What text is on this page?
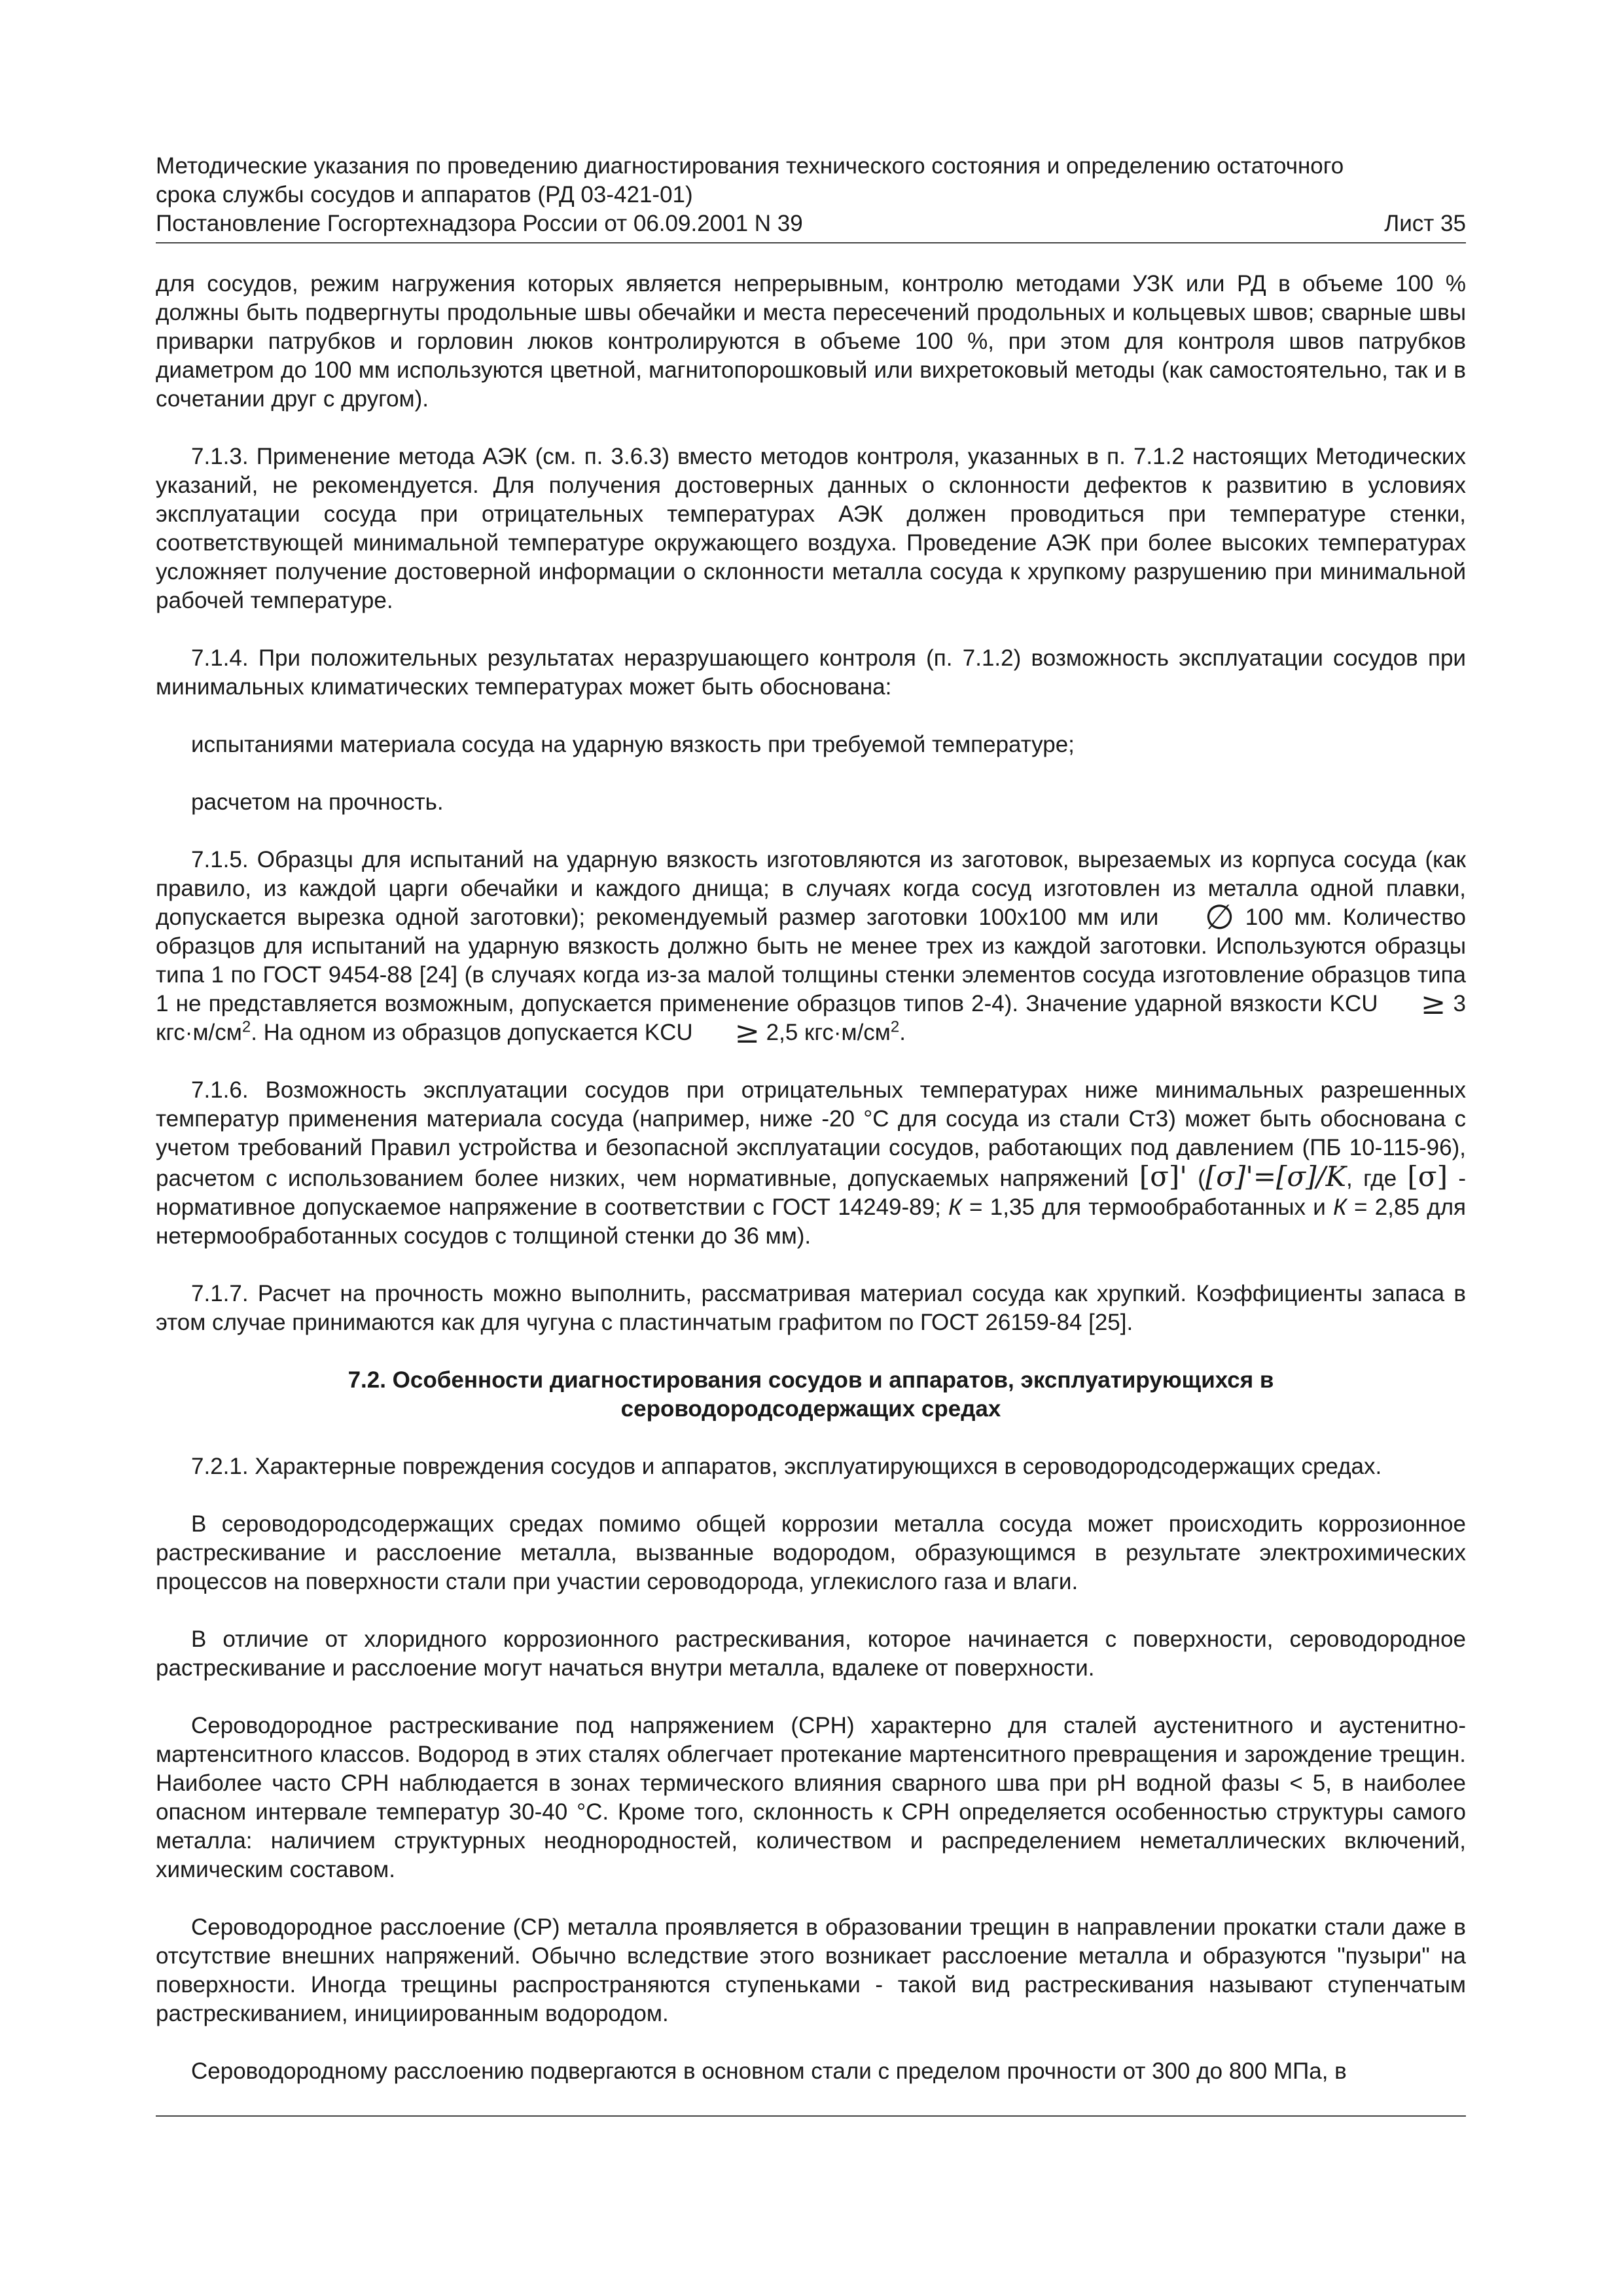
Методические указания по проведению диагностирования технического состояния и определению остаточного
срока службы сосудов и аппаратов (РД 03-421-01)
Постановление Госгортехнадзора России от 06.09.2001 N 39	Лист 35

для сосудов, режим нагружения которых является непрерывным, контролю методами УЗК или РД в объеме 100 % должны быть подвергнуты продольные швы обечайки и места пересечений продольных и кольцевых швов; сварные швы приварки патрубков и горловин люков контролируются в объеме 100 %, при этом для контроля швов патрубков диаметром до 100 мм используются цветной, магнитопорошковый или вихретоковый методы (как самостоятельно, так и в сочетании друг с другом).

7.1.3. Применение метода АЭК (см. п. 3.6.3) вместо методов контроля, указанных в п. 7.1.2 настоящих Методических указаний, не рекомендуется. Для получения достоверных данных о склонности дефектов к развитию в условиях эксплуатации сосуда при отрицательных температурах АЭК должен проводиться при температуре стенки, соответствующей минимальной температуре окружающего воздуха. Проведение АЭК при более высоких температурах усложняет получение достоверной информации о склонности металла сосуда к хрупкому разрушению при минимальной рабочей температуре.

7.1.4. При положительных результатах неразрушающего контроля (п. 7.1.2) возможность эксплуатации сосудов при минимальных климатических температурах может быть обоснована:

испытаниями материала сосуда на ударную вязкость при требуемой температуре;

расчетом на прочность.

7.1.5. Образцы для испытаний на ударную вязкость изготовляются из заготовок, вырезаемых из корпуса сосуда (как правило, из каждой царги обечайки и каждого днища; в случаях когда сосуд изготовлен из металла одной плавки, допускается вырезка одной заготовки); рекомендуемый размер заготовки 100х100 мм или ∅ 100 мм. Количество образцов для испытаний на ударную вязкость должно быть не менее трех из каждой заготовки. Используются образцы типа 1 по ГОСТ 9454-88 [24] (в случаях когда из-за малой толщины стенки элементов сосуда изготовление образцов типа 1 не представляется возможным, допускается применение образцов типов 2-4). Значение ударной вязкости KCU ≥ 3 $кгс\cdot м/см^2$. На одном из образцов допускается KCU ≥ 2,5 $кгс\cdot м/см^2$.

7.1.6. Возможность эксплуатации сосудов при отрицательных температурах ниже минимальных разрешенных температур применения материала сосуда (например, ниже -20 °С для сосуда из стали Ст3) может быть обоснована с учетом требований Правил устройства и безопасной эксплуатации сосудов, работающих под давлением (ПБ 10-115-96), расчетом с использованием более низких, чем нормативные, допускаемых напряжений [σ]' ([σ]'=[σ]/K, где [σ] - нормативное допускаемое напряжение в соответствии с ГОСТ 14249-89; К = 1,35 для термообработанных и К = 2,85 для нетермообработанных сосудов с толщиной стенки до 36 мм).

7.1.7. Расчет на прочность можно выполнить, рассматривая материал сосуда как хрупкий. Коэффициенты запаса в этом случае принимаются как для чугуна с пластинчатым графитом по ГОСТ 26159-84 [25].

7.2. Особенности диагностирования сосудов и аппаратов, эксплуатирующихся в
сероводородсодержащих средах

7.2.1. Характерные повреждения сосудов и аппаратов, эксплуатирующихся в сероводородсодержащих средах.

В сероводородсодержащих средах помимо общей коррозии металла сосуда может происходить коррозионное растрескивание и расслоение металла, вызванные водородом, образующимся в результате электрохимических процессов на поверхности стали при участии сероводорода, углекислого газа и влаги.

В отличие от хлоридного коррозионного растрескивания, которое начинается с поверхности, сероводородное растрескивание и расслоение могут начаться внутри металла, вдалеке от поверхности.

Сероводородное растрескивание под напряжением (СРН) характерно для сталей аустенитного и аустенитно-мартенситного классов. Водород в этих сталях облегчает протекание мартенситного превращения и зарождение трещин. Наиболее часто СРН наблюдается в зонах термического влияния сварного шва при рН водной фазы < 5, в наиболее опасном интервале температур 30-40 °С. Кроме того, склонность к СРН определяется особенностью структуры самого металла: наличием структурных неоднородностей, количеством и распределением неметаллических включений, химическим составом.

Сероводородное расслоение (СР) металла проявляется в образовании трещин в направлении прокатки стали даже в отсутствие внешних напряжений. Обычно вследствие этого возникает расслоение металла и образуются "пузыри" на поверхности. Иногда трещины распространяются ступеньками - такой вид растрескивания называют ступенчатым растрескиванием, инициированным водородом.

Сероводородному расслоению подвергаются в основном стали с пределом прочности от 300 до 800 МПа, в
